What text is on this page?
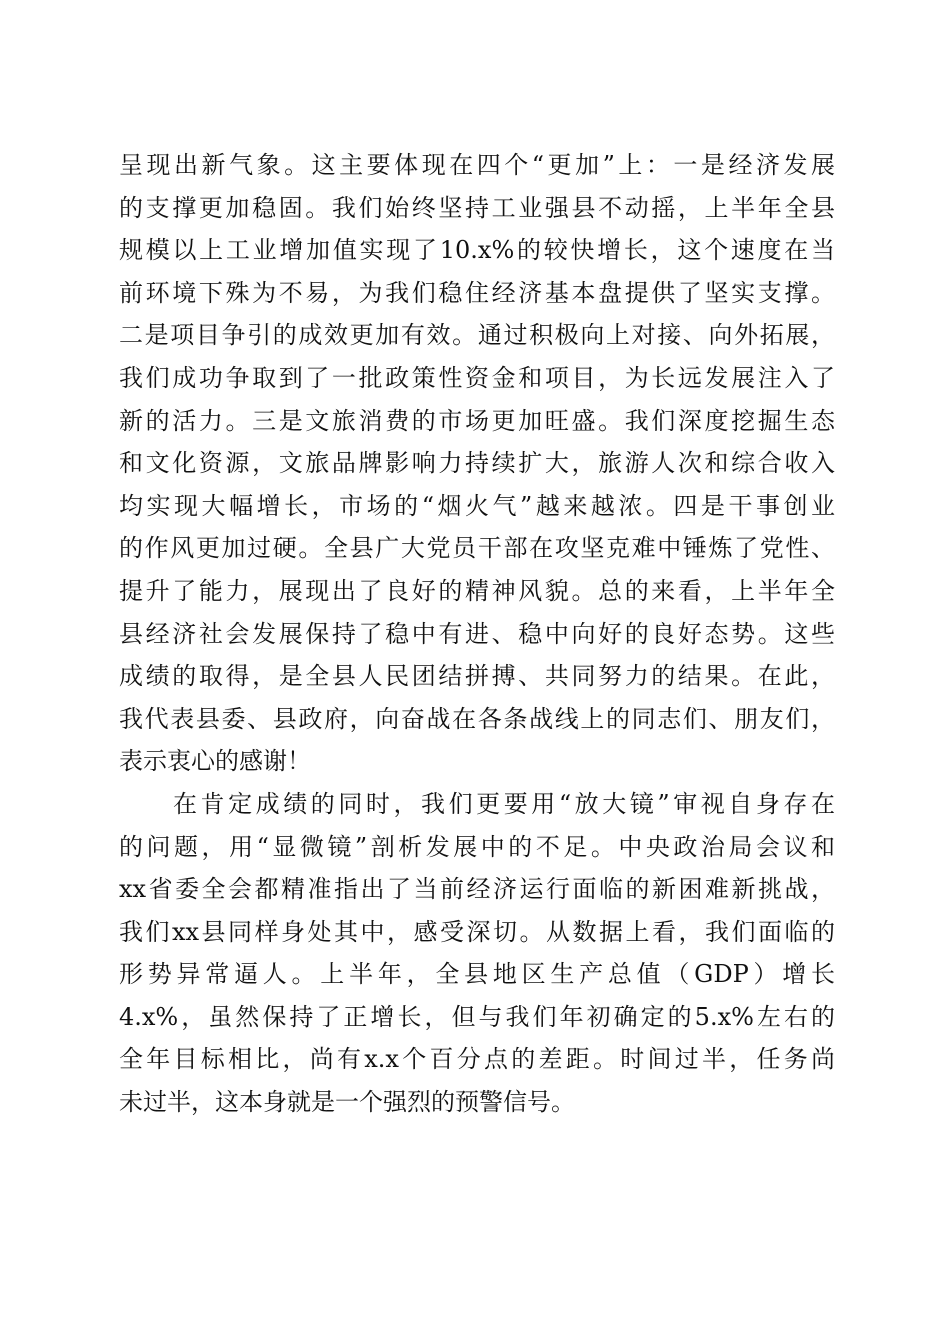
呈现出新气象。这主要体现在四个“更加”上：一是经济发展
的支撑更加稳固。我们始终坚持工业强县不动摇，上半年全县
规模以上工业增加值实现了10.x%的较快增长，这个速度在当
前环境下殊为不易，为我们稳住经济基本盘提供了坚实支撑。
二是项目争引的成效更加有效。通过积极向上对接、向外拓展，
我们成功争取到了一批政策性资金和项目，为长远发展注入了
新的活力。三是文旅消费的市场更加旺盛。我们深度挖掘生态
和文化资源，文旅品牌影响力持续扩大，旅游人次和综合收入
均实现大幅增长，市场的“烟火气”越来越浓。四是干事创业
的作风更加过硬。全县广大党员干部在攻坚克难中锤炼了党性、
提升了能力，展现出了良好的精神风貌。总的来看，上半年全
县经济社会发展保持了稳中有进、稳中向好的良好态势。这些
成绩的取得，是全县人民团结拼搏、共同努力的结果。在此，
我代表县委、县政府，向奋战在各条战线上的同志们、朋友们，
表示衷心的感谢！
在肯定成绩的同时，我们更要用“放大镜”审视自身存在
的问题，用“显微镜”剖析发展中的不足。中央政治局会议和
xx省委全会都精准指出了当前经济运行面临的新困难新挑战，
我们xx县同样身处其中，感受深切。从数据上看，我们面临的
形势异常逼人。上半年，全县地区生产总值（GDP）增长
4.x%，虽然保持了正增长，但与我们年初确定的5.x%左右的
全年目标相比，尚有x.x个百分点的差距。时间过半，任务尚
未过半，这本身就是一个强烈的预警信号。
